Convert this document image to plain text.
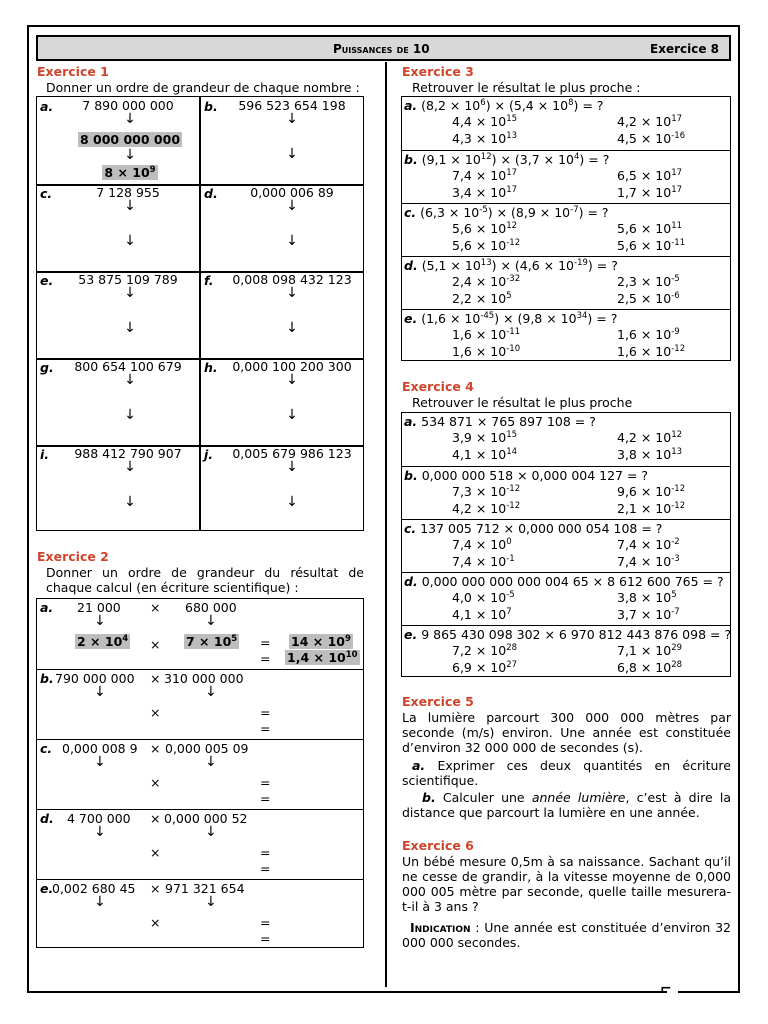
⌐
Puissances de 10	Exercice 8
Exercice 1
Donner un ordre de grandeur de chaque nombre :
a.	7 890 000 000
↓
8 000 000 000
↓
$8 \times 10^9$
b.	596 523 654 198
↓
↓
c.	7 128 955
↓
↓
d.	0,000 006 89
↓
↓
e.	53 875 109 789
↓
↓
f.	0,008 098 432 123
↓
↓
g.	800 654 100 679
↓
↓
h.	0,000 100 200 300
↓
↓
i.	988 412 790 907
↓
↓
j.	0,005 679 986 123
↓
↓
Exercice 2
Donner un ordre de grandeur du résultat de chaque calcul (en écriture scientifique) :
a. 21 000 × 680 000
↓	↓
$2 \times 10^4 \times 7 \times 10^5 = 14 \times 10^9$
= $1,4 \times 10^{10}$
b. 790 000 000 × 310 000 000
↓	↓
×	=
=
c. 0,000 008 9 × 0,000 005 09
↓	↓
×	=
=
d. 4 700 000 × 0,000 000 52
↓	↓
×	=
=
e.
0,002 680 45 × 971 321 654
↓	↓
×	=
=
Exercice 3
Retrouver le résultat le plus proche :
a. $(8,2 \times 10^6) \times (5,4 \times 10^8)$ = ?
$4,4 \times 10^{15}$	$4,2 \times 10^{17}$
$4,3 \times 10^{13}$	$4,5 \times 10^{-16}$
b. $(9,1 \times 10^{12}) \times (3,7 \times 10^4)$ = ?
$7,4 \times 10^{17}$	$6,5 \times 10^{17}$
$3,4 \times 10^{17}$	$1,7 \times 10^{17}$
c. $(6,3 \times 10^{-5}) \times (8,9 \times 10^{-7})$ = ?
$5,6 \times 10^{12}$	$5,6 \times 10^{11}$
$5,6 \times 10^{-12}$	$5,6 \times 10^{-11}$
d. $(5,1 \times 10^{13}) \times (4,6 \times 10^{-19})$ = ?
$2,4 \times 10^{-32}$	$2,3 \times 10^{-5}$
$2,2 \times 10^5$	$2,5 \times 10^{-6}$
e. $(1,6 \times 10^{-45}) \times (9,8 \times 10^{34})$ = ?
$1,6 \times 10^{-11}$	$1,6 \times 10^{-9}$
$1,6 \times 10^{-10}$	$1,6 \times 10^{-12}$
Exercice 4
Retrouver le résultat le plus proche
a. 534 871 × 765 897 108 = ?
$3,9 \times 10^{15}$	$4,2 \times 10^{12}$
$4,1 \times 10^{14}$	$3,8 \times 10^{13}$
b. 0,000 000 518 × 0,000 004 127 = ?
$7,3 \times 10^{-12}$	$9,6 \times 10^{-12}$
$4,2 \times 10^{-12}$	$2,1 \times 10^{-12}$
c. 137 005 712 × 0,000 000 054 108 = ?
$7,4 \times 10^0$	$7,4 \times 10^{-2}$
$7,4 \times 10^{-1}$	$7,4 \times 10^{-3}$
d. 0,000 000 000 000 004 65 × 8 612 600 765 = ?
$4,0 \times 10^{-5}$	$3,8 \times 10^5$
$4,1 \times 10^7$	$3,7 \times 10^{-7}$
e. 9 865 430 098 302 × 6 970 812 443 876 098 = ?
$7,2 \times 10^{28}$	$7,1 \times 10^{29}$
$6,9 \times 10^{27}$	$6,8 \times 10^{28}$
Exercice 5
La lumière parcourt 300 000 000 mètres par seconde (m/s) environ. Une année est constituée d’environ 32 000 000 de secondes (s).
a. Exprimer ces deux quantités en écriture scientifique.
b. Calculer une année lumière, c’est à dire la distance que parcourt la lumière en une année.
Exercice 6
Un bébé mesure 0,5m à sa naissance. Sachant qu’il ne cesse de grandir, à la vitesse moyenne de 0,000 000 005 mètre par seconde, quelle taille mesurera-t-il à 3 ans ?
Indication : Une année est constituée d’environ 32 000 000 secondes.
